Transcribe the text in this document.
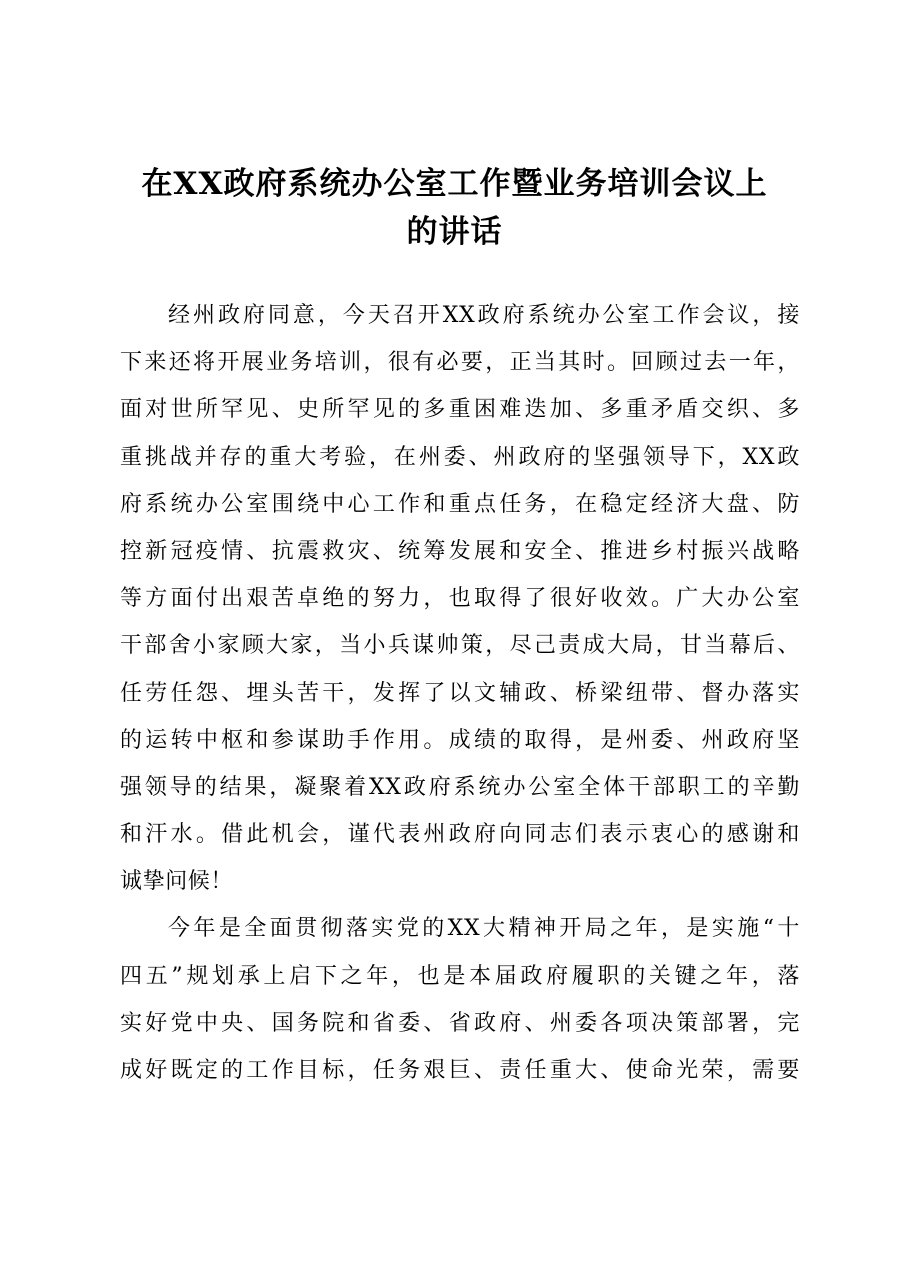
在XX政府系统办公室工作暨业务培训会议上
的讲话

经州政府同意，今天召开XX政府系统办公室工作会议，接
下来还将开展业务培训，很有必要，正当其时。回顾过去一年，
面对世所罕见、史所罕见的多重困难迭加、多重矛盾交织、多
重挑战并存的重大考验，在州委、州政府的坚强领导下，XX政
府系统办公室围绕中心工作和重点任务，在稳定经济大盘、防
控新冠疫情、抗震救灾、统筹发展和安全、推进乡村振兴战略
等方面付出艰苦卓绝的努力，也取得了很好收效。广大办公室
干部舍小家顾大家，当小兵谋帅策，尽己责成大局，甘当幕后、
任劳任怨、埋头苦干，发挥了以文辅政、桥梁纽带、督办落实
的运转中枢和参谋助手作用。成绩的取得，是州委、州政府坚
强领导的结果，凝聚着XX政府系统办公室全体干部职工的辛勤
和汗水。借此机会，谨代表州政府向同志们表示衷心的感谢和
诚挚问候！

今年是全面贯彻落实党的XX大精神开局之年，是实施“十
四五”规划承上启下之年，也是本届政府履职的关键之年，落
实好党中央、国务院和省委、省政府、州委各项决策部署，完
成好既定的工作目标，任务艰巨、责任重大、使命光荣，需要
